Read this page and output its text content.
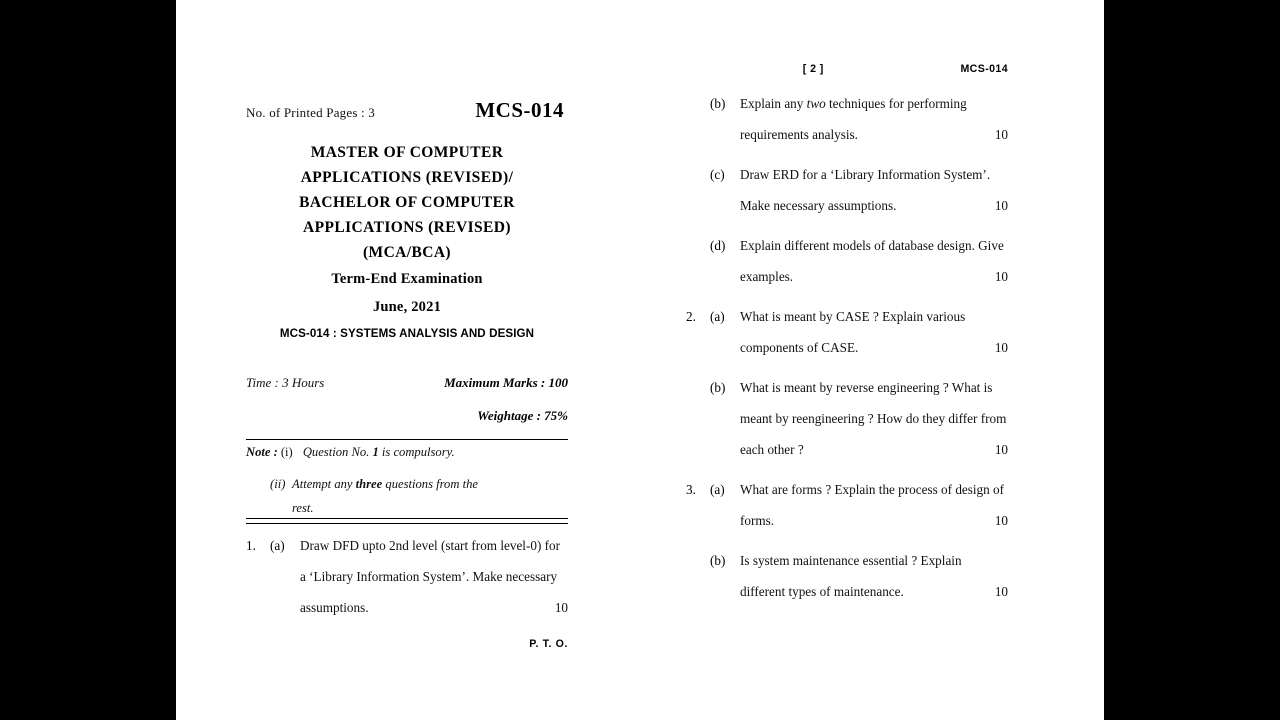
No. of Printed Pages : 3	MCS-014
MASTER OF COMPUTER
APPLICATIONS (REVISED)/
BACHELOR OF COMPUTER
APPLICATIONS (REVISED)
(MCA/BCA)
Term-End Examination
June, 2021
MCS-014 : SYSTEMS ANALYSIS AND DESIGN
Time : 3 Hours	Maximum Marks : 100
Weightage : 75%
Note : (i) Question No. 1 is compulsory.
(ii) Attempt any three questions from the
rest.
1.	(a)	Draw DFD upto 2nd level (start from level-0) for a ‘Library Information System’. Make necessary assumptions.	10
P. T. O.
[ 2 ]	MCS-014
(b)	Explain any two techniques for performing requirements analysis.	10
(c)	Draw ERD for a ‘Library Information System’. Make necessary assumptions.	10
(d)	Explain different models of database design. Give examples.	10
2.	(a)	What is meant by CASE ? Explain various components of CASE.	10
(b)	What is meant by reverse engineering ? What is meant by reengineering ? How do they differ from each other ?	10
3.	(a)	What are forms ? Explain the process of design of forms.	10
(b)	Is system maintenance essential ? Explain different types of maintenance.	10
